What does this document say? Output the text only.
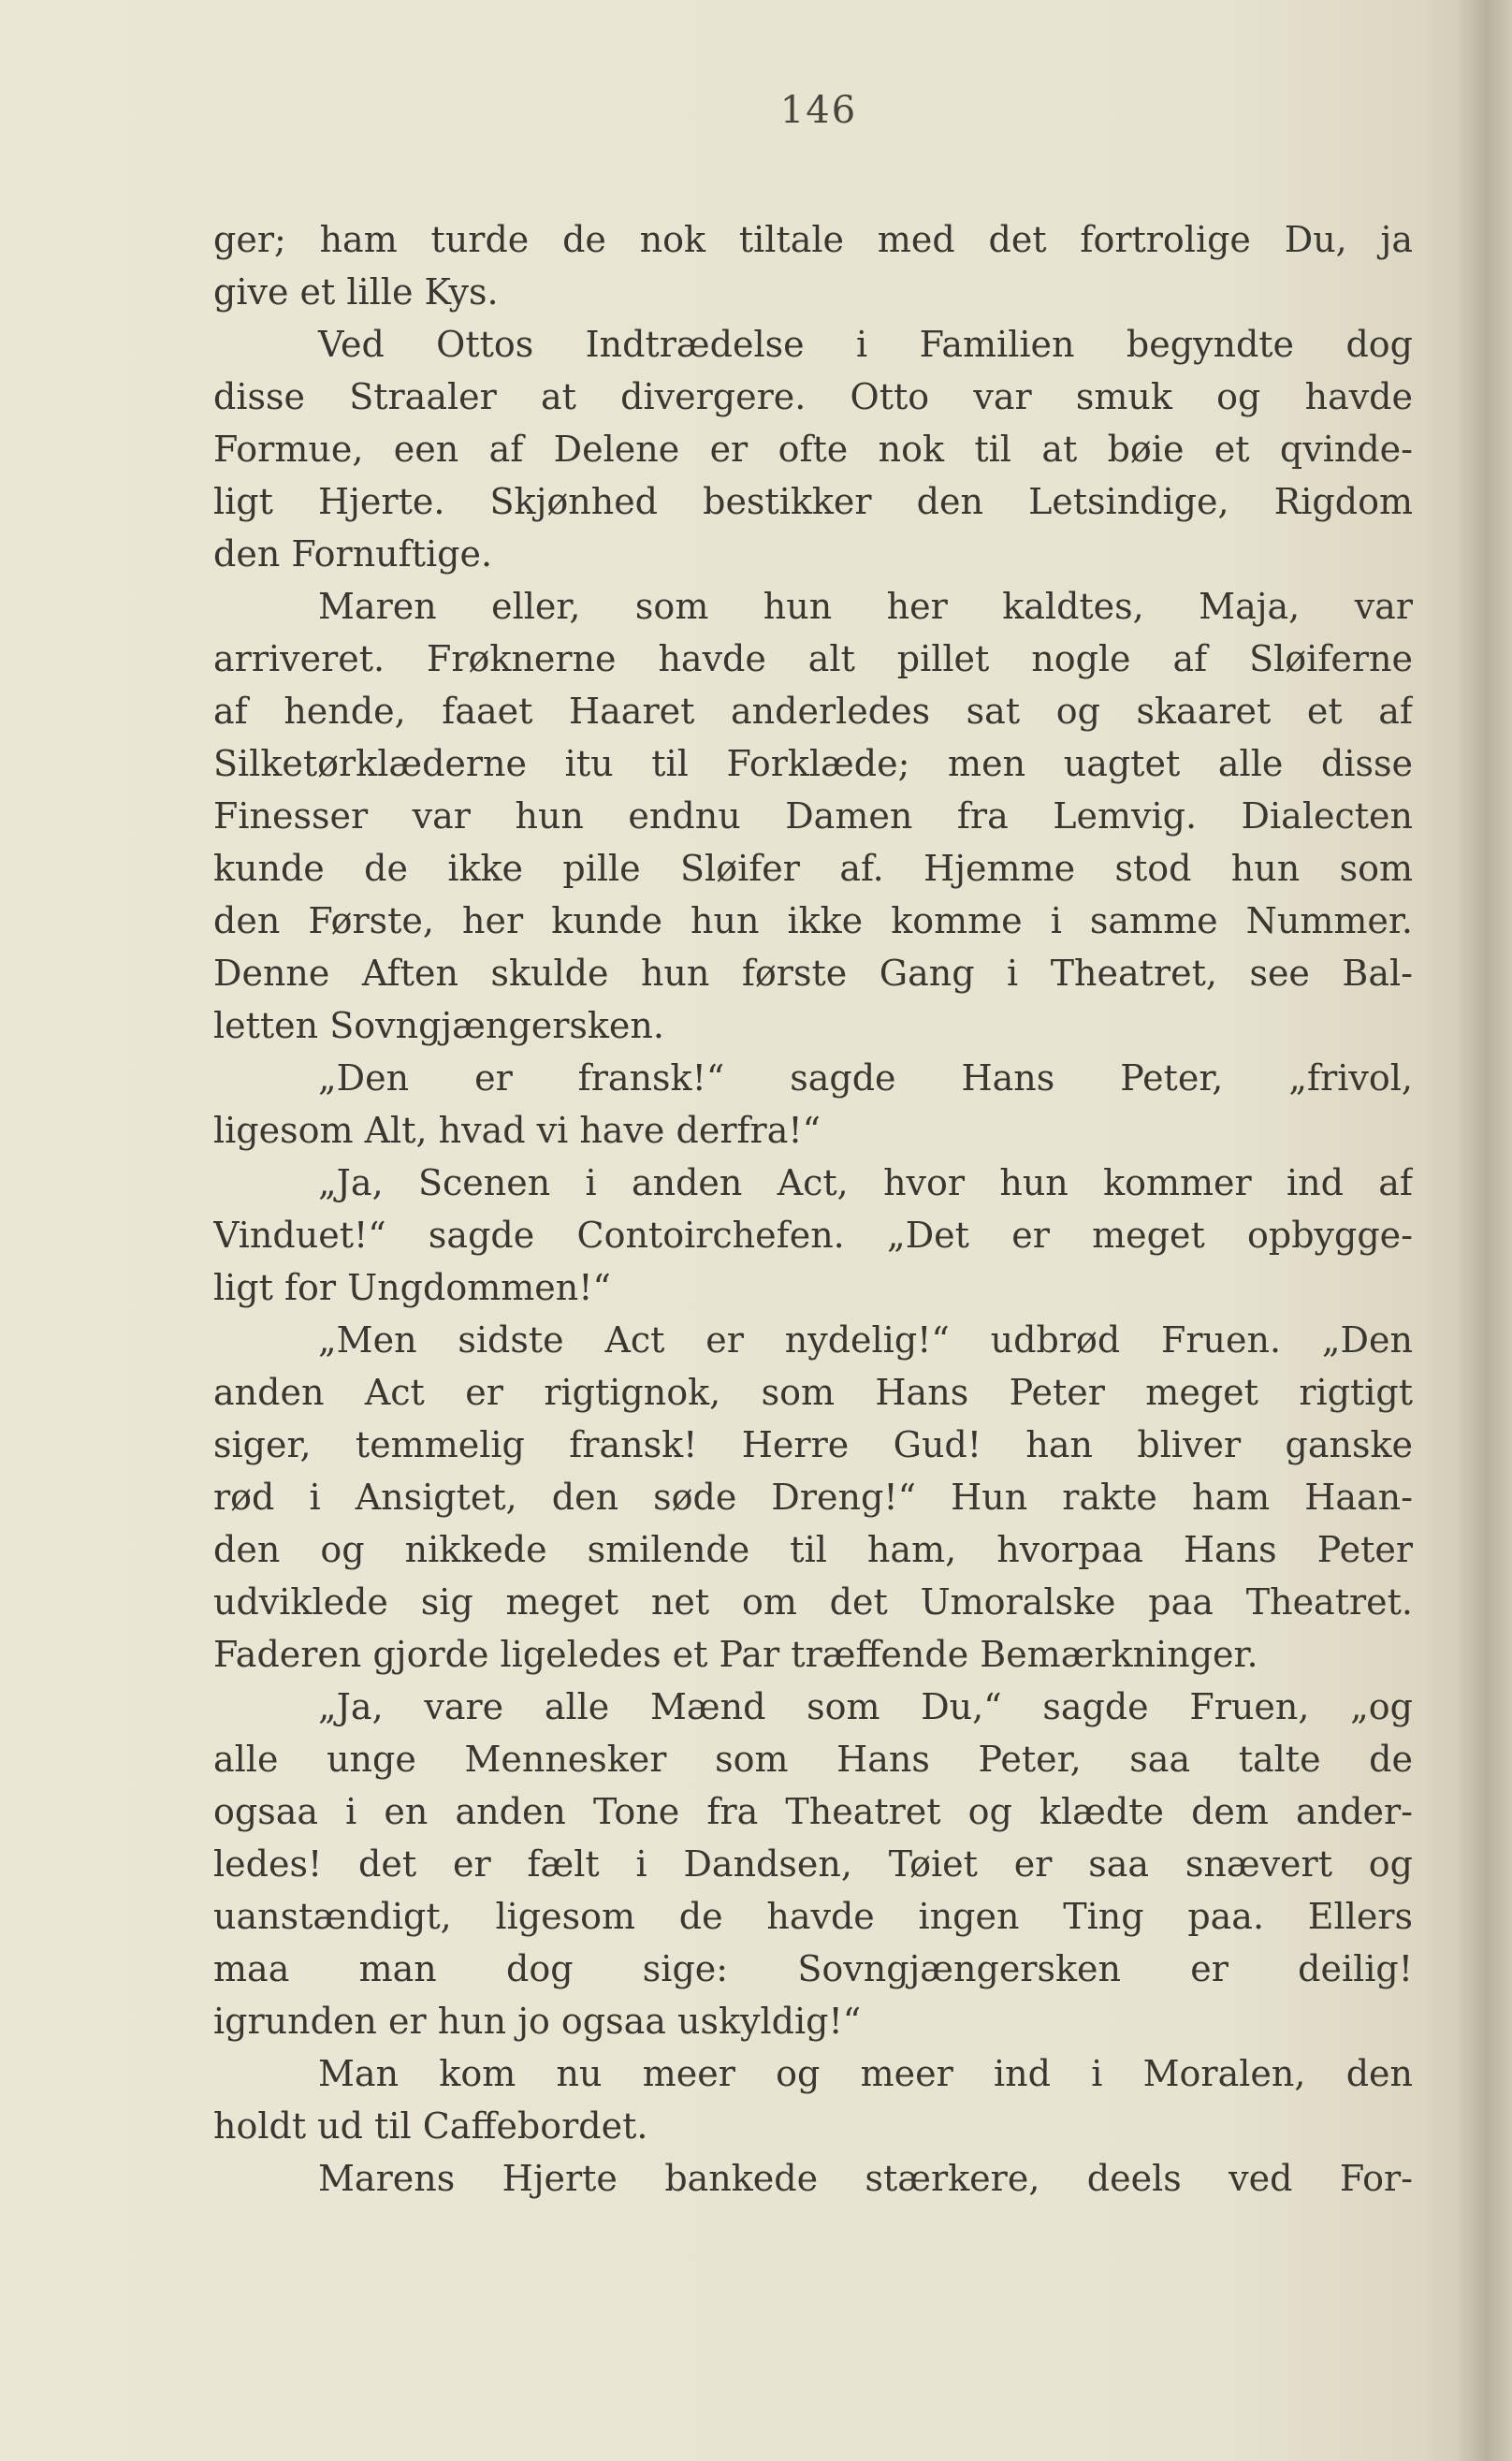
146
ger; ham turde de nok tiltale med det fortrolige Du, ja
give et lille Kys.
Ved Ottos Indtrædelse i Familien begyndte dog
disse Straaler at divergere. Otto var smuk og havde
Formue, een af Delene er ofte nok til at bøie et qvinde-
ligt Hjerte. Skjønhed bestikker den Letsindige, Rigdom
den Fornuftige.
Maren eller, som hun her kaldtes, Maja, var
arriveret. Frøknerne havde alt pillet nogle af Sløiferne
af hende, faaet Haaret anderledes sat og skaaret et af
Silketørklæderne itu til Forklæde; men uagtet alle disse
Finesser var hun endnu Damen fra Lemvig. Dialecten
kunde de ikke pille Sløifer af. Hjemme stod hun som
den Første, her kunde hun ikke komme i samme Nummer.
Denne Aften skulde hun første Gang i Theatret, see Bal-
letten Sovngjængersken.
„Den er fransk!“ sagde Hans Peter, „frivol,
ligesom Alt, hvad vi have derfra!“
„Ja, Scenen i anden Act, hvor hun kommer ind af
Vinduet!“ sagde Contoirchefen. „Det er meget opbygge-
ligt for Ungdommen!“
„Men sidste Act er nydelig!“ udbrød Fruen. „Den
anden Act er rigtignok, som Hans Peter meget rigtigt
siger, temmelig fransk! Herre Gud! han bliver ganske
rød i Ansigtet, den søde Dreng!“ Hun rakte ham Haan-
den og nikkede smilende til ham, hvorpaa Hans Peter
udviklede sig meget net om det Umoralske paa Theatret.
Faderen gjorde ligeledes et Par træffende Bemærkninger.
„Ja, vare alle Mænd som Du,“ sagde Fruen, „og
alle unge Mennesker som Hans Peter, saa talte de
ogsaa i en anden Tone fra Theatret og klædte dem ander-
ledes! det er fælt i Dandsen, Tøiet er saa snævert og
uanstændigt, ligesom de havde ingen Ting paa. Ellers
maa man dog sige: Sovngjængersken er deilig!
igrunden er hun jo ogsaa uskyldig!“
Man kom nu meer og meer ind i Moralen, den
holdt ud til Caffebordet.
Marens Hjerte bankede stærkere, deels ved For-
